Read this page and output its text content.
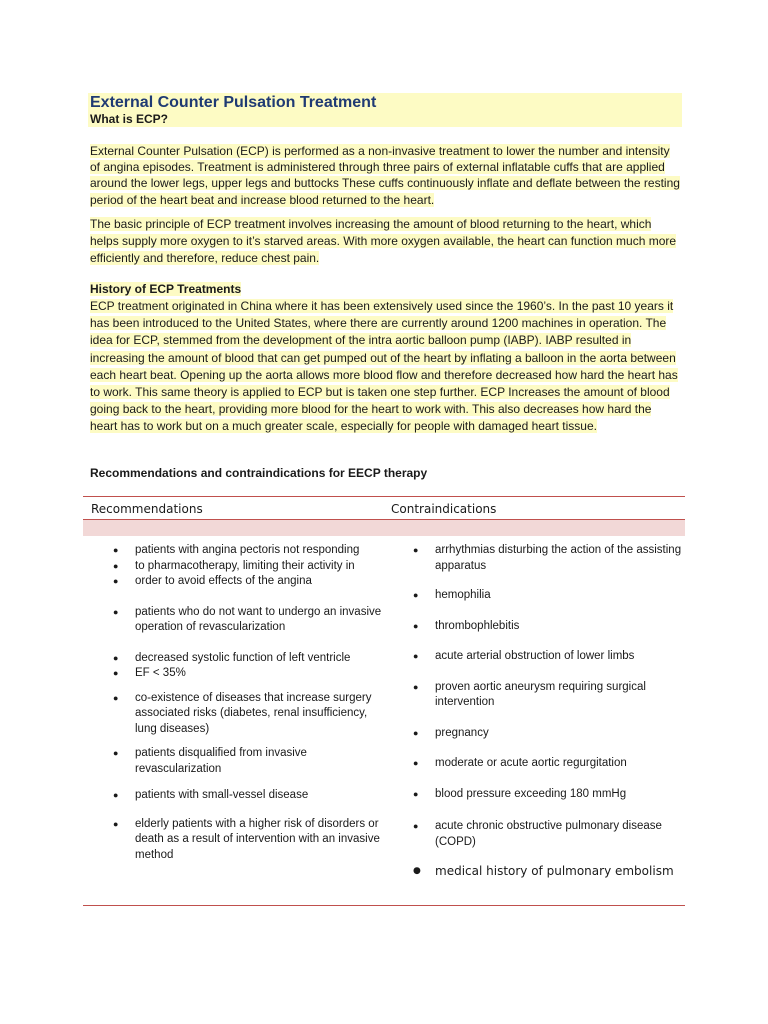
External Counter Pulsation Treatment
What is ECP?
External Counter Pulsation (ECP) is performed as a non-invasive treatment to lower the number and intensity of angina episodes. Treatment is administered through three pairs of external inflatable cuffs that are applied around the lower legs, upper legs and buttocks These cuffs continuously inflate and deflate between the resting period of the heart beat and increase blood returned to the heart.
The basic principle of ECP treatment involves increasing the amount of blood returning to the heart, which helps supply more oxygen to it’s starved areas. With more oxygen available, the heart can function much more efficiently and therefore, reduce chest pain.
History of ECP Treatments
ECP treatment originated in China where it has been extensively used since the 1960’s. In the past 10 years it has been introduced to the United States, where there are currently around 1200 machines in operation. The idea for ECP, stemmed from the development of the intra aortic balloon pump (IABP). IABP resulted in increasing the amount of blood that can get pumped out of the heart by inflating a balloon in the aorta between each heart beat. Opening up the aorta allows more blood flow and therefore decreased how hard the heart has to work. This same theory is applied to ECP but is taken one step further. ECP Increases the amount of blood going back to the heart, providing more blood for the heart to work with. This also decreases how hard the heart has to work but on a much greater scale, especially for people with damaged heart tissue.
Recommendations and contraindications for EECP therapy
Recommendations	Contraindications
● patients with angina pectoris not responding
● to pharmacotherapy, limiting their activity in
● order to avoid effects of the angina
● patients who do not want to undergo an invasive operation of revascularization
● decreased systolic function of left ventricle
● EF < 35%
● co-existence of diseases that increase surgery associated risks (diabetes, renal insufficiency, lung diseases)
● patients disqualified from invasive revascularization
● patients with small-vessel disease
● elderly patients with a higher risk of disorders or death as a result of intervention with an invasive method
● arrhythmias disturbing the action of the assisting apparatus
● hemophilia
● thrombophlebitis
● acute arterial obstruction of lower limbs
● proven aortic aneurysm requiring surgical intervention
● pregnancy
● moderate or acute aortic regurgitation
● blood pressure exceeding 180 mmHg
● acute chronic obstructive pulmonary disease (COPD)
● medical history of pulmonary embolism
